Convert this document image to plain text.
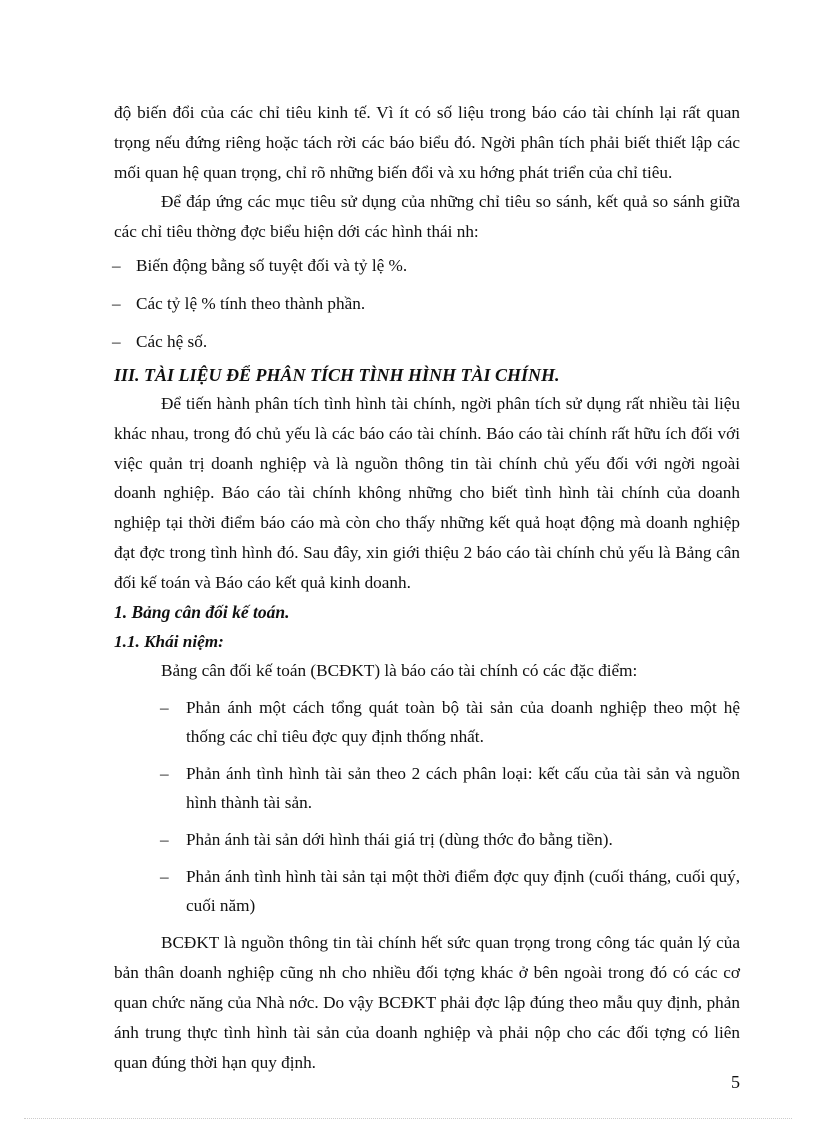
độ biến đổi của các chỉ tiêu kinh tế. Vì ít có số liệu trong báo cáo tài chính lại rất quan trọng nếu đứng riêng hoặc tách rời các báo biểu đó. Ngời phân tích phải biết thiết lập các mối quan hệ quan trọng, chỉ rõ những biến đổi và xu hớng phát triển của chỉ tiêu.

Để đáp ứng các mục tiêu sử dụng của những chỉ tiêu so sánh, kết quả so sánh giữa các chỉ tiêu thờng đợc biểu hiện dới các hình thái nh:

– Biến động bằng số tuyệt đối và tỷ lệ %.
– Các tỷ lệ % tính theo thành phần.
– Các hệ số.
III. TÀI LIỆU ĐỂ PHÂN TÍCH TÌNH HÌNH TÀI CHÍNH.

Để tiến hành phân tích tình hình tài chính, ngời phân tích sử dụng rất nhiều tài liệu khác nhau, trong đó chủ yếu là các báo cáo tài chính. Báo cáo tài chính rất hữu ích đối với việc quản trị doanh nghiệp và là nguồn thông tin tài chính chủ yếu đối với ngời ngoài doanh nghiệp. Báo cáo tài chính không những cho biết tình hình tài chính của doanh nghiệp tại thời điểm báo cáo mà còn cho thấy những kết quả hoạt động mà doanh nghiệp đạt đợc trong tình hình đó. Sau đây, xin giới thiệu 2 báo cáo tài chính chủ yếu là Bảng cân đối kế toán và Báo cáo kết quả kinh doanh.

1. Bảng cân đối kế toán.
1.1. Khái niệm:

Bảng cân đối kế toán (BCĐKT) là báo cáo tài chính có các đặc điểm:

– Phản ánh một cách tổng quát toàn bộ tài sản của doanh nghiệp theo một hệ thống các chỉ tiêu đợc quy định thống nhất.
– Phản ánh tình hình tài sản theo 2 cách phân loại: kết cấu của tài sản và nguồn hình thành tài sản.
– Phản ánh tài sản dới hình thái giá trị (dùng thớc đo bằng tiền).
– Phản ánh tình hình tài sản tại một thời điểm đợc quy định (cuối tháng, cuối quý, cuối năm)

BCĐKT là nguồn thông tin tài chính hết sức quan trọng trong công tác quản lý của bản thân doanh nghiệp cũng nh cho nhiều đối tợng khác ở bên ngoài trong đó có các cơ quan chức năng của Nhà nớc. Do vậy BCĐKT phải đợc lập đúng theo mẫu quy định, phản ánh trung thực tình hình tài sản của doanh nghiệp và phải nộp cho các đối tợng có liên quan đúng thời hạn quy định.

5
